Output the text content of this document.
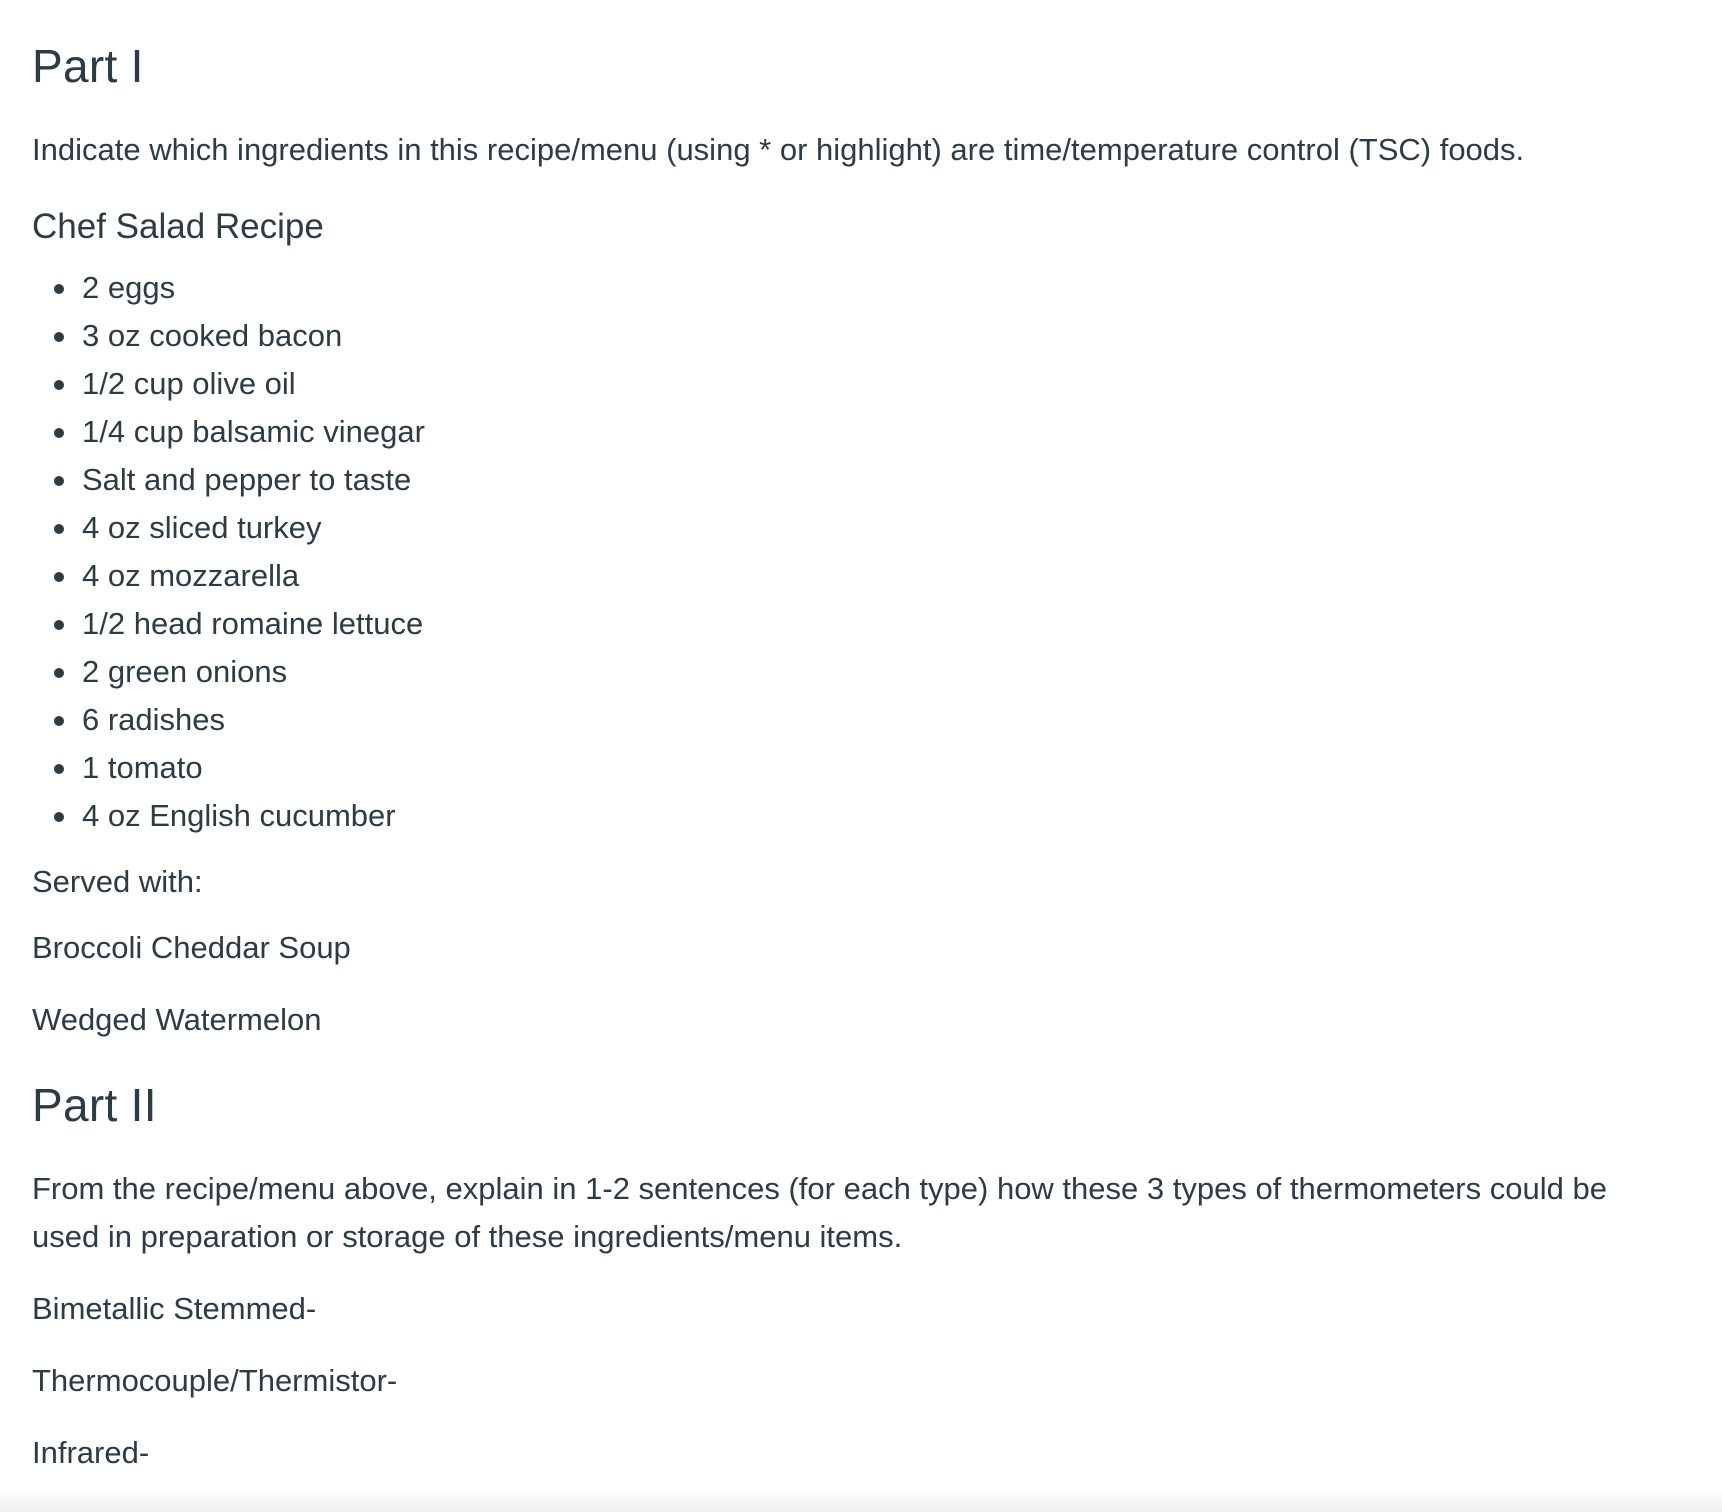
Part I

Indicate which ingredients in this recipe/menu (using * or highlight) are time/temperature control (TSC) foods.

Chef Salad Recipe
2 eggs
3 oz cooked bacon
1/2 cup olive oil
1/4 cup balsamic vinegar
Salt and pepper to taste
4 oz sliced turkey
4 oz mozzarella
1/2 head romaine lettuce
2 green onions
6 radishes
1 tomato
4 oz English cucumber

Served with:

Broccoli Cheddar Soup

Wedged Watermelon

Part II

From the recipe/menu above, explain in 1-2 sentences (for each type) how these 3 types of thermometers could be used in preparation or storage of these ingredients/menu items.

Bimetallic Stemmed-

Thermocouple/Thermistor-

Infrared-
